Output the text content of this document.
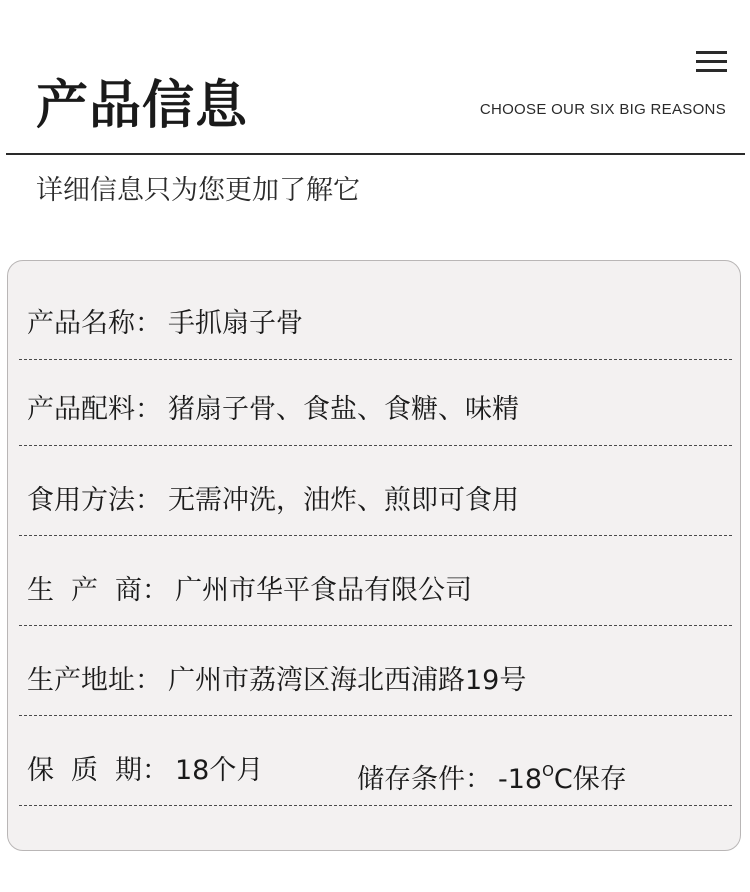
产品信息	CHOOSE OUR SIX BIG REASONS
详细信息只为您更加了解它
产品名称： 手抓扇子骨
产品配料： 猪扇子骨、食盐、食糖、味精
食用方法： 无需冲洗，油炸、煎即可食用
生产商： 广州市华平食品有限公司
生产地址： 广州市荔湾区海北西浦路19号
保质期： 18个月	储存条件： $-18^OC$保存
